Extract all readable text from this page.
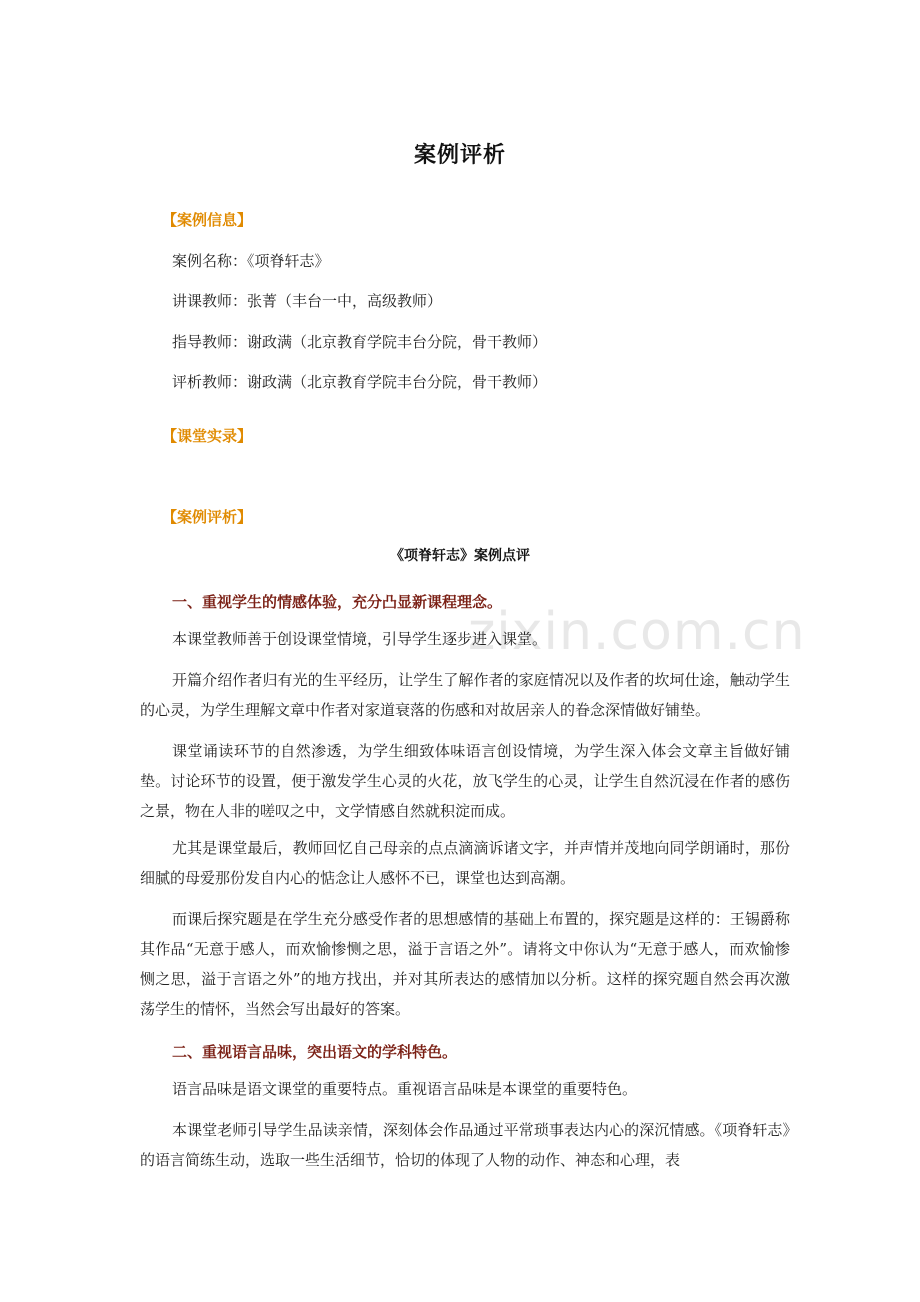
zixin.com.cn
案例评析
【案例信息】
案例名称：《项脊轩志》
讲课教师：张菁（丰台一中，高级教师）
指导教师：谢政满（北京教育学院丰台分院，骨干教师）
评析教师：谢政满（北京教育学院丰台分院，骨干教师）
【课堂实录】
【案例评析】
《项脊轩志》案例点评
一、重视学生的情感体验，充分凸显新课程理念。
本课堂教师善于创设课堂情境，引导学生逐步进入课堂。
开篇介绍作者归有光的生平经历，让学生了解作者的家庭情况以及作者的坎坷仕途，触动学生的心灵，为学生理解文章中作者对家道衰落的伤感和对故居亲人的眷念深情做好铺垫。
课堂诵读环节的自然渗透，为学生细致体味语言创设情境，为学生深入体会文章主旨做好铺垫。讨论环节的设置，便于激发学生心灵的火花，放飞学生的心灵，让学生自然沉浸在作者的感伤之景，物在人非的嗟叹之中，文学情感自然就积淀而成。
尤其是课堂最后，教师回忆自己母亲的点点滴滴诉诸文字，并声情并茂地向同学朗诵时，那份细腻的母爱那份发自内心的惦念让人感怀不已，课堂也达到高潮。
而课后探究题是在学生充分感受作者的思想感情的基础上布置的，探究题是这样的：王锡爵称其作品“无意于感人，而欢愉惨恻之思，溢于言语之外”。请将文中你认为“无意于感人，而欢愉惨恻之思，溢于言语之外”的地方找出，并对其所表达的感情加以分析。这样的探究题自然会再次激荡学生的情怀，当然会写出最好的答案。
二、重视语言品味，突出语文的学科特色。
语言品味是语文课堂的重要特点。重视语言品味是本课堂的重要特色。
本课堂老师引导学生品读亲情，深刻体会作品通过平常琐事表达内心的深沉情感。《项脊轩志》的语言简练生动，选取一些生活细节，恰切的体现了人物的动作、神态和心理，表
